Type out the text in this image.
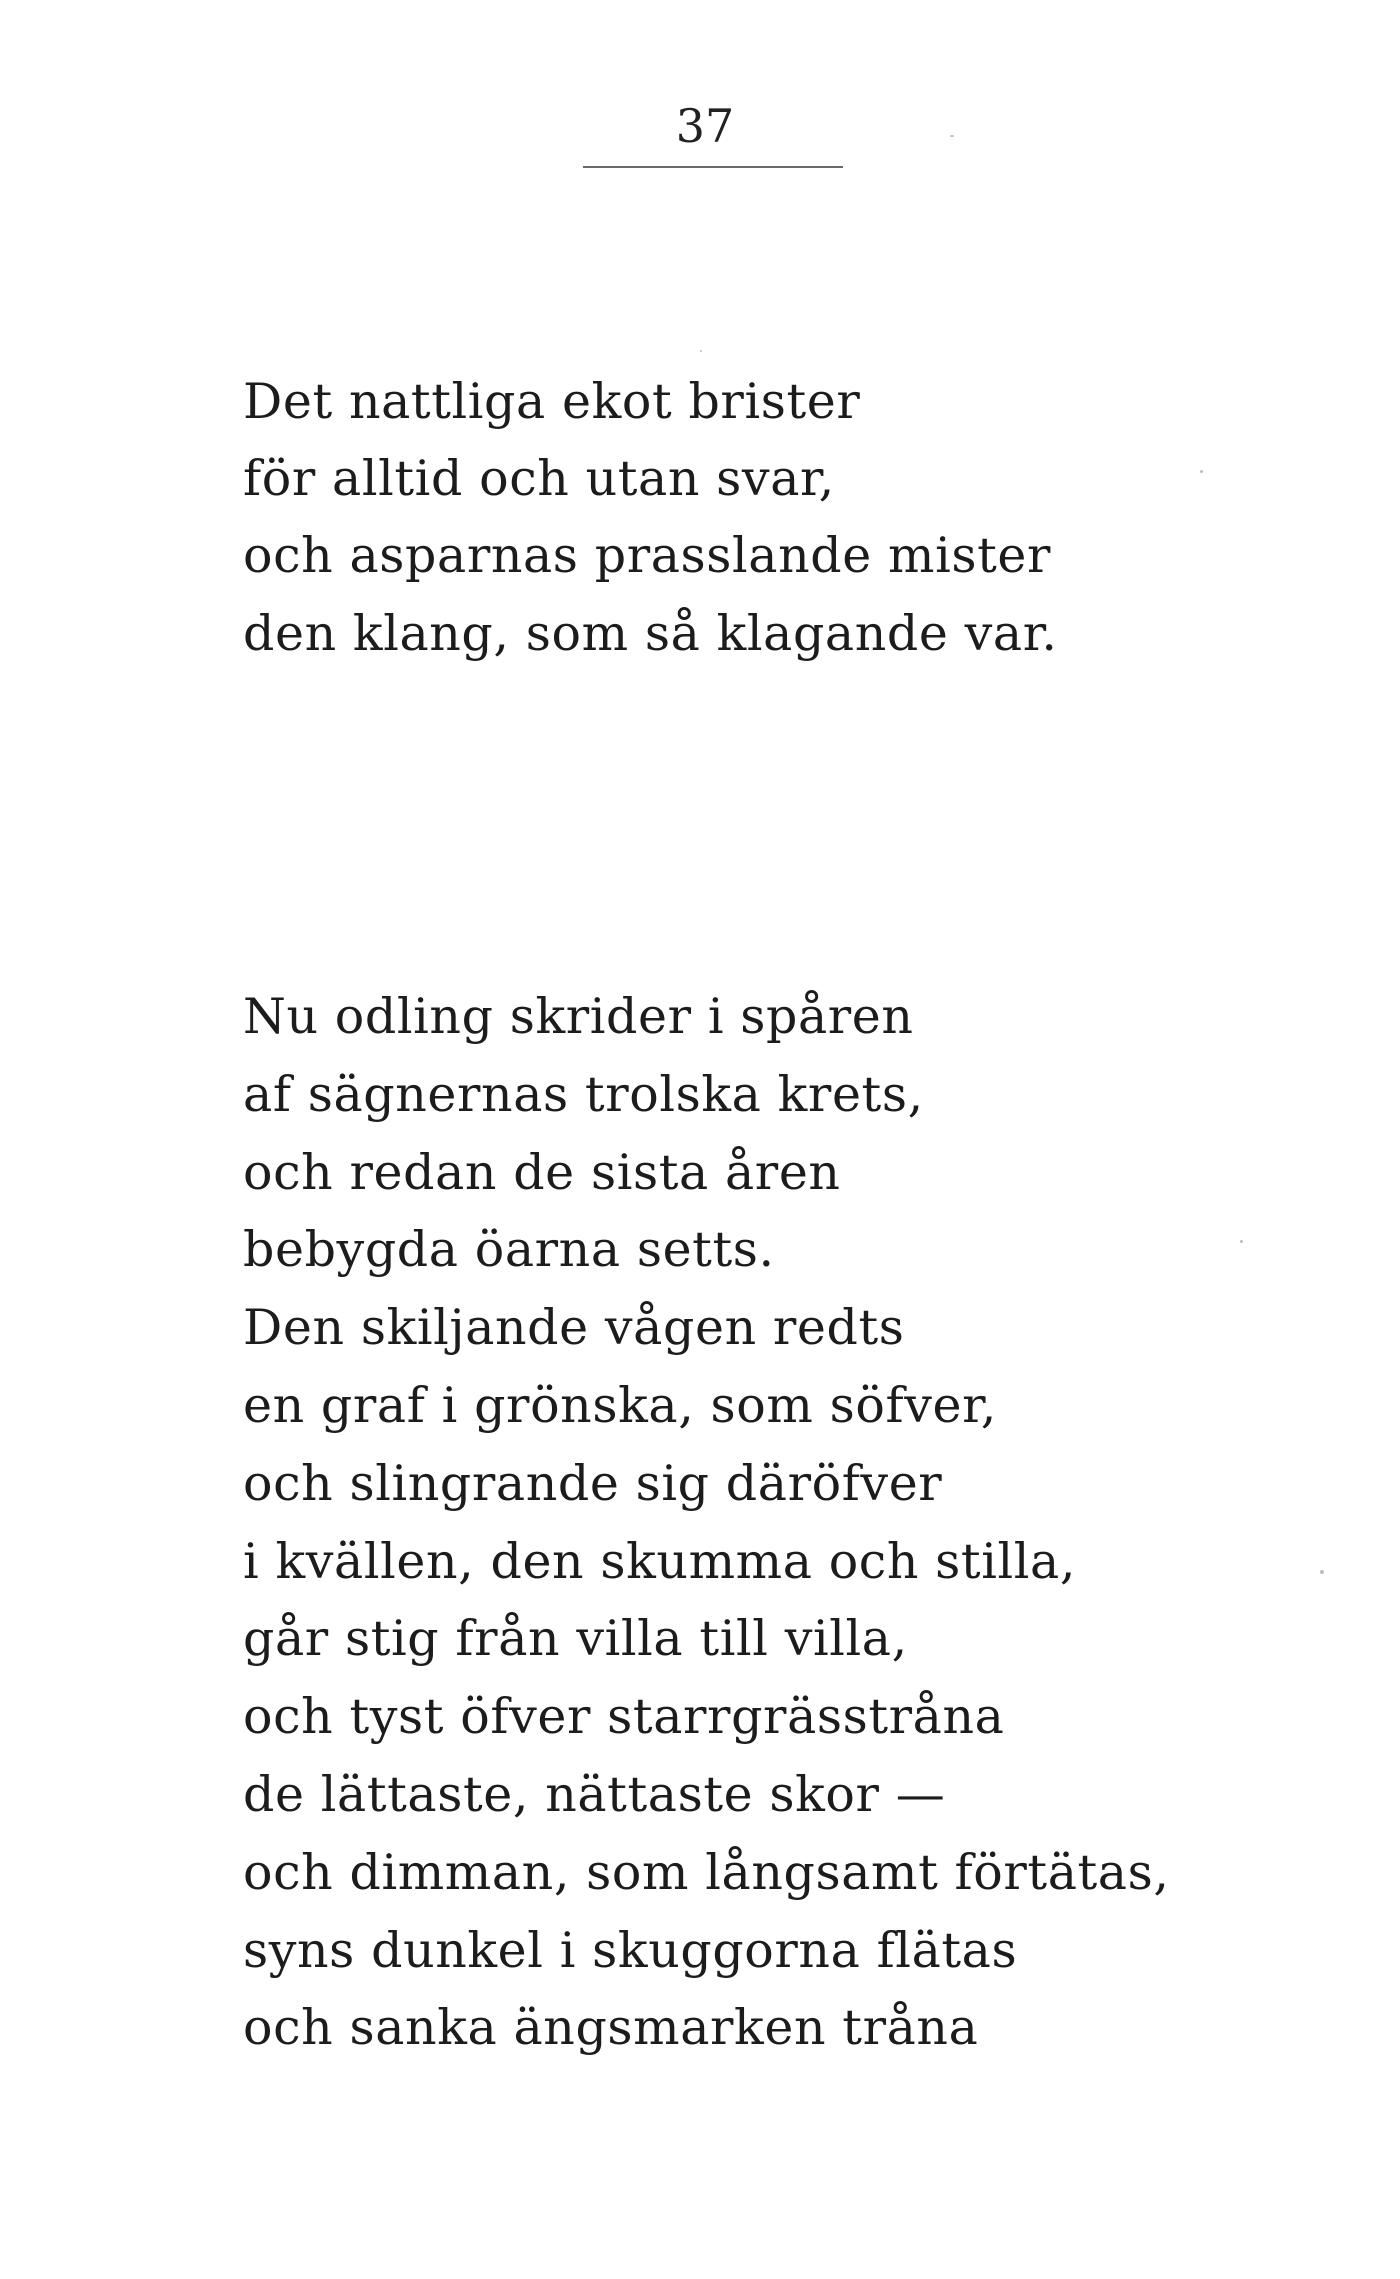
37
Det nattliga ekot brister
för alltid och utan svar,
och asparnas prasslande mister
den klang, som så klagande var.
Nu odling skrider i spåren
af sägnernas trolska krets,
och redan de sista åren
bebygda öarna setts.
Den skiljande vågen redts
en graf i grönska, som söfver,
och slingrande sig däröfver
i kvällen, den skumma och stilla,
går stig från villa till villa,
och tyst öfver starrgrässtråna
de lättaste, nättaste skor —
och dimman, som långsamt förtätas,
syns dunkel i skuggorna flätas
och sanka ängsmarken tråna
